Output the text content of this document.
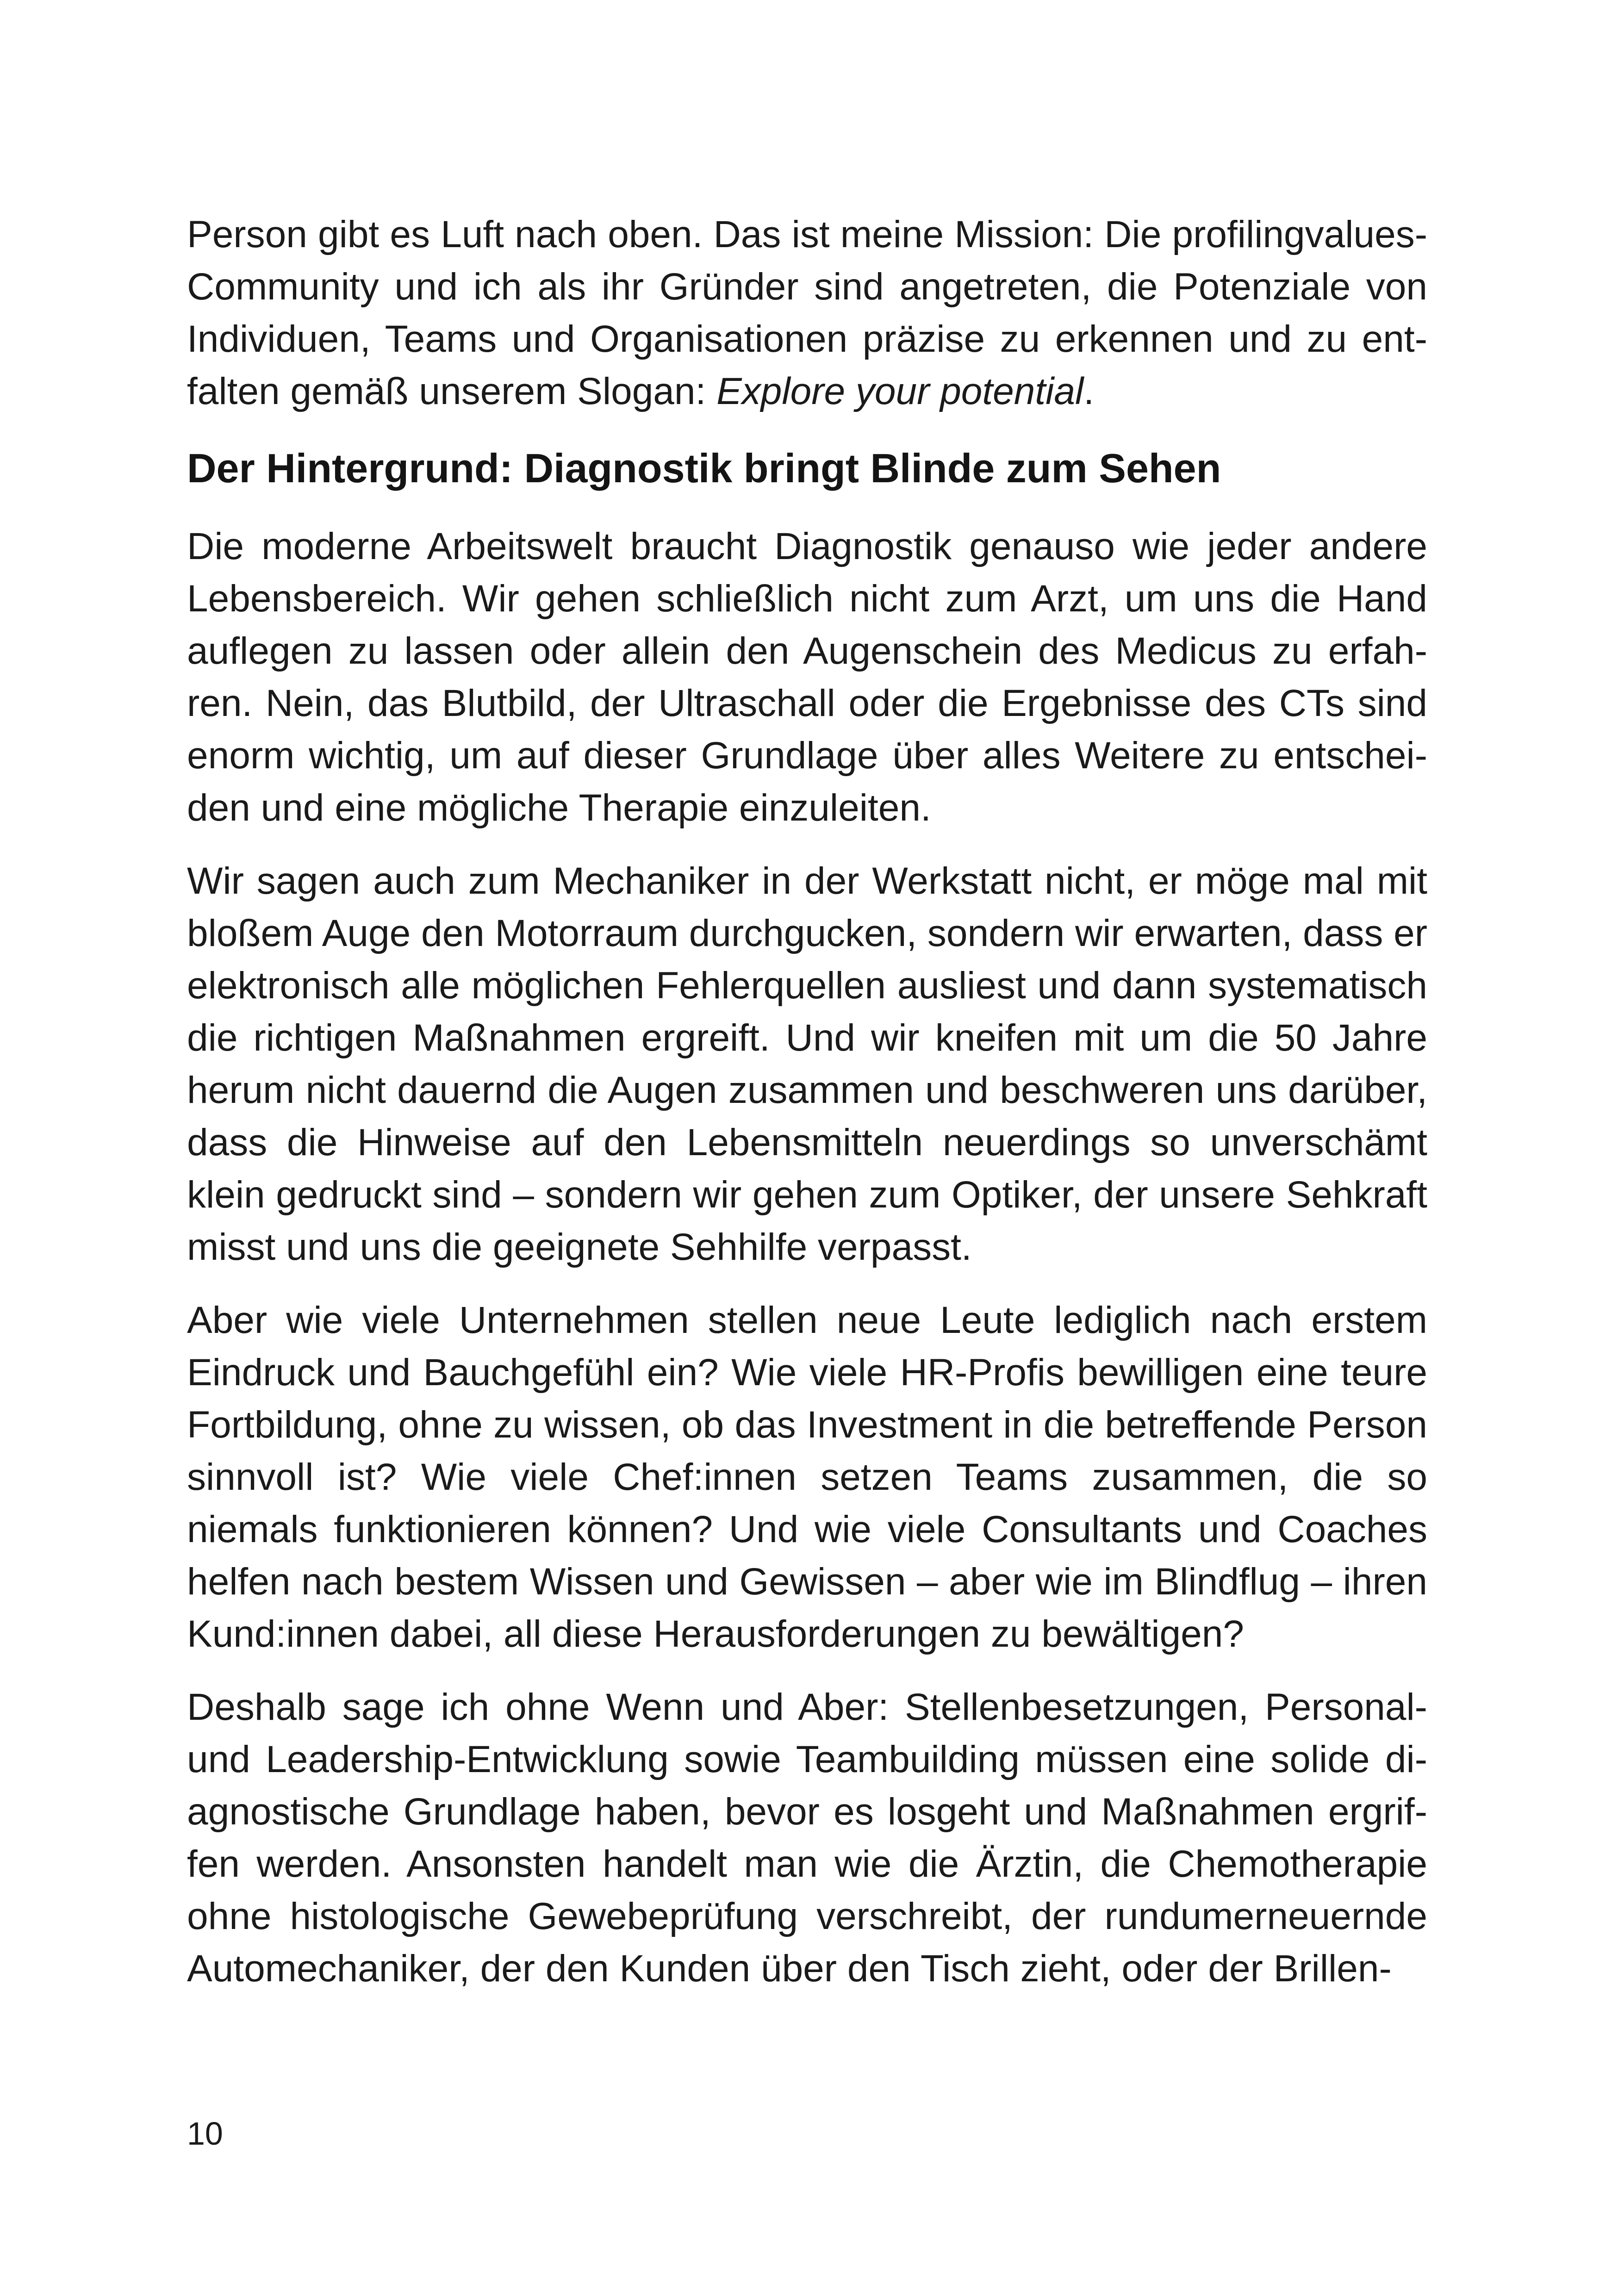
Person gibt es Luft nach oben. Das ist meine Mission: Die profilingvalues-Community und ich als ihr Gründer sind angetreten, die Potenziale von Individuen, Teams und Organisationen präzise zu erkennen und zu entfalten gemäß unserem Slogan: Explore your potential.

Der Hintergrund: Diagnostik bringt Blinde zum Sehen

Die moderne Arbeitswelt braucht Diagnostik genauso wie jeder andere Lebensbereich. Wir gehen schließlich nicht zum Arzt, um uns die Hand auflegen zu lassen oder allein den Augenschein des Medicus zu erfahren. Nein, das Blutbild, der Ultraschall oder die Ergebnisse des CTs sind enorm wichtig, um auf dieser Grundlage über alles Weitere zu entscheiden und eine mögliche Therapie einzuleiten.

Wir sagen auch zum Mechaniker in der Werkstatt nicht, er möge mal mit bloßem Auge den Motorraum durchgucken, sondern wir erwarten, dass er elektronisch alle möglichen Fehlerquellen ausliest und dann systematisch die richtigen Maßnahmen ergreift. Und wir kneifen mit um die 50 Jahre herum nicht dauernd die Augen zusammen und beschweren uns darüber, dass die Hinweise auf den Lebensmitteln neuerdings so unverschämt klein gedruckt sind – sondern wir gehen zum Optiker, der unsere Sehkraft misst und uns die geeignete Sehhilfe verpasst.

Aber wie viele Unternehmen stellen neue Leute lediglich nach erstem Eindruck und Bauchgefühl ein? Wie viele HR-Profis bewilligen eine teure Fortbildung, ohne zu wissen, ob das Investment in die betreffende Person sinnvoll ist? Wie viele Chef:innen setzen Teams zusammen, die so niemals funktionieren können? Und wie viele Consultants und Coaches helfen nach bestem Wissen und Gewissen – aber wie im Blindflug – ihren Kund:innen dabei, all diese Herausforderungen zu bewältigen?

Deshalb sage ich ohne Wenn und Aber: Stellenbesetzungen, Personal- und Leadership-Entwicklung sowie Teambuilding müssen eine solide diagnostische Grundlage haben, bevor es losgeht und Maßnahmen ergriffen werden. Ansonsten handelt man wie die Ärztin, die Chemotherapie ohne histologische Gewebeprüfung verschreibt, der rundumerneuernde Automechaniker, der den Kunden über den Tisch zieht, oder der Brillen-

10
